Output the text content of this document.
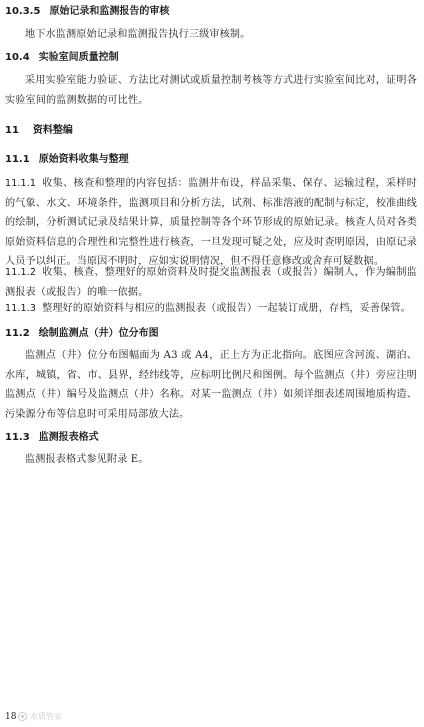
10.3.5 原始记录和监测报告的审核
地下水监测原始记录和监测报告执行三级审核制。
10.4 实验室间质量控制
采用实验室能力验证、方法比对测试或质量控制考核等方式进行实验室间比对，证明各实验室间的监测数据的可比性。
11 资料整编
11.1 原始资料收集与整理
11.1.1 收集、核查和整理的内容包括：监测井布设，样品采集、保存、运输过程，采样时的气象、水文、环境条件，监测项目和分析方法，试剂、标准溶液的配制与标定，校准曲线的绘制，分析测试记录及结果计算，质量控制等各个环节形成的原始记录。核查人员对各类原始资料信息的合理性和完整性进行核查，一旦发现可疑之处，应及时查明原因，由原记录人员予以纠正。当原因不明时，应如实说明情况，但不得任意修改或舍弃可疑数据。
11.1.2 收集、核查、整理好的原始资料及时提交监测报表（或报告）编制人，作为编制监测报表（或报告）的唯一依据。
11.1.3 整理好的原始资料与相应的监测报表（或报告）一起装订成册，存档，妥善保管。
11.2 绘制监测点（井）位分布图
监测点（井）位分布图幅面为 A3 或 A4，正上方为正北指向。底图应含河流、湖泊、水库，城镇，省、市、县界，经纬线等，应标明比例尺和图例。每个监测点（井）旁应注明监测点（井）编号及监测点（井）名称。对某一监测点（井）如须详细表述周围地质构造、污染源分布等信息时可采用局部放大法。
11.3 监测报表格式
监测报表格式参见附录 E。
18 水质管家
